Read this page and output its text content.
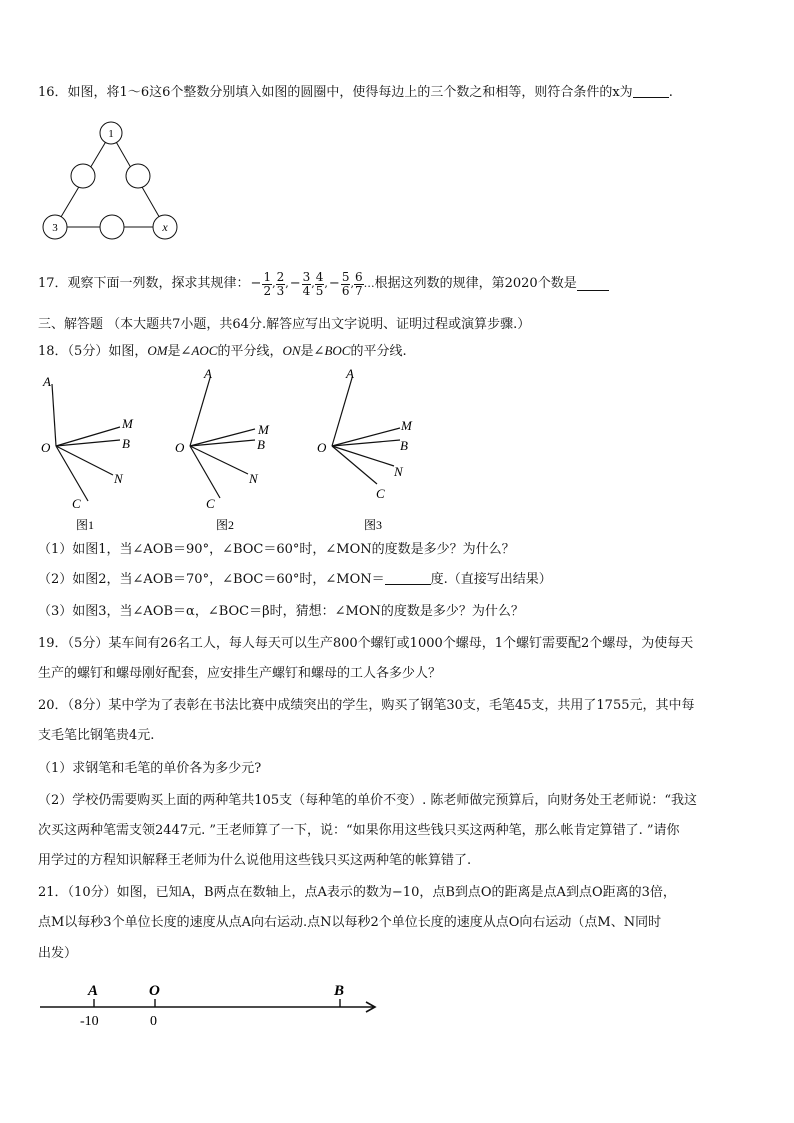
16．如图，将1～6这6个整数分别填入如图的圆圈中，使得每边上的三个数之和相等，则符合条件的x为	.
1
3	x
17．观察下面一列数，探求其规律： − $\frac{1}{2}$ , $\frac{2}{3}$ , − $\frac{3}{4}$ , $\frac{4}{5}$ , − $\frac{5}{6}$ , $\frac{6}{7}$ … 根据这列数的规律，第2020个数是
三、解答题 （本大题共7小题，共64分.解答应写出文字说明、证明过程或演算步骤.）
18．（5分）如图，OM是∠AOC的平分线，ON是∠BOC的平分线.
A
M
B
O
N
C
图1
A
M
B
O
N
C
图2
A
M
B
O
N
C
图3
（1）如图1，当∠AOB＝90°，∠BOC＝60°时，∠MON的度数是多少？为什么？
（2）如图2，当∠AOB＝70°，∠BOC＝60°时，∠MON＝	度.（直接写出结果）
（3）如图3，当∠AOB＝α，∠BOC＝β时，猜想：∠MON的度数是多少？为什么？
19．（5分）某车间有26名工人，每人每天可以生产800个螺钉或1000个螺母，1个螺钉需要配2个螺母，为使每天
生产的螺钉和螺母刚好配套，应安排生产螺钉和螺母的工人各多少人？
20．（8分）某中学为了表彰在书法比赛中成绩突出的学生，购买了钢笔30支，毛笔45支，共用了1755元，其中每
支毛笔比钢笔贵4元.
（1）求钢笔和毛笔的单价各为多少元?
（2）学校仍需要购买上面的两种笔共105支（每种笔的单价不变）. 陈老师做完预算后，向财务处王老师说：“我这
次买这两种笔需支领2447元. ”王老师算了一下，说：“如果你用这些钱只买这两种笔，那么帐肯定算错了. ”请你
用学过的方程知识解释王老师为什么说他用这些钱只买这两种笔的帐算错了.
21．（10分）如图，已知A，B两点在数轴上，点A表示的数为−10，点B到点O的距离是点A到点O距离的3倍，
点M以每秒3个单位长度的速度从点A向右运动.点N以每秒2个单位长度的速度从点O向右运动（点M、N同时
出发）
A	O	B
-10	0
